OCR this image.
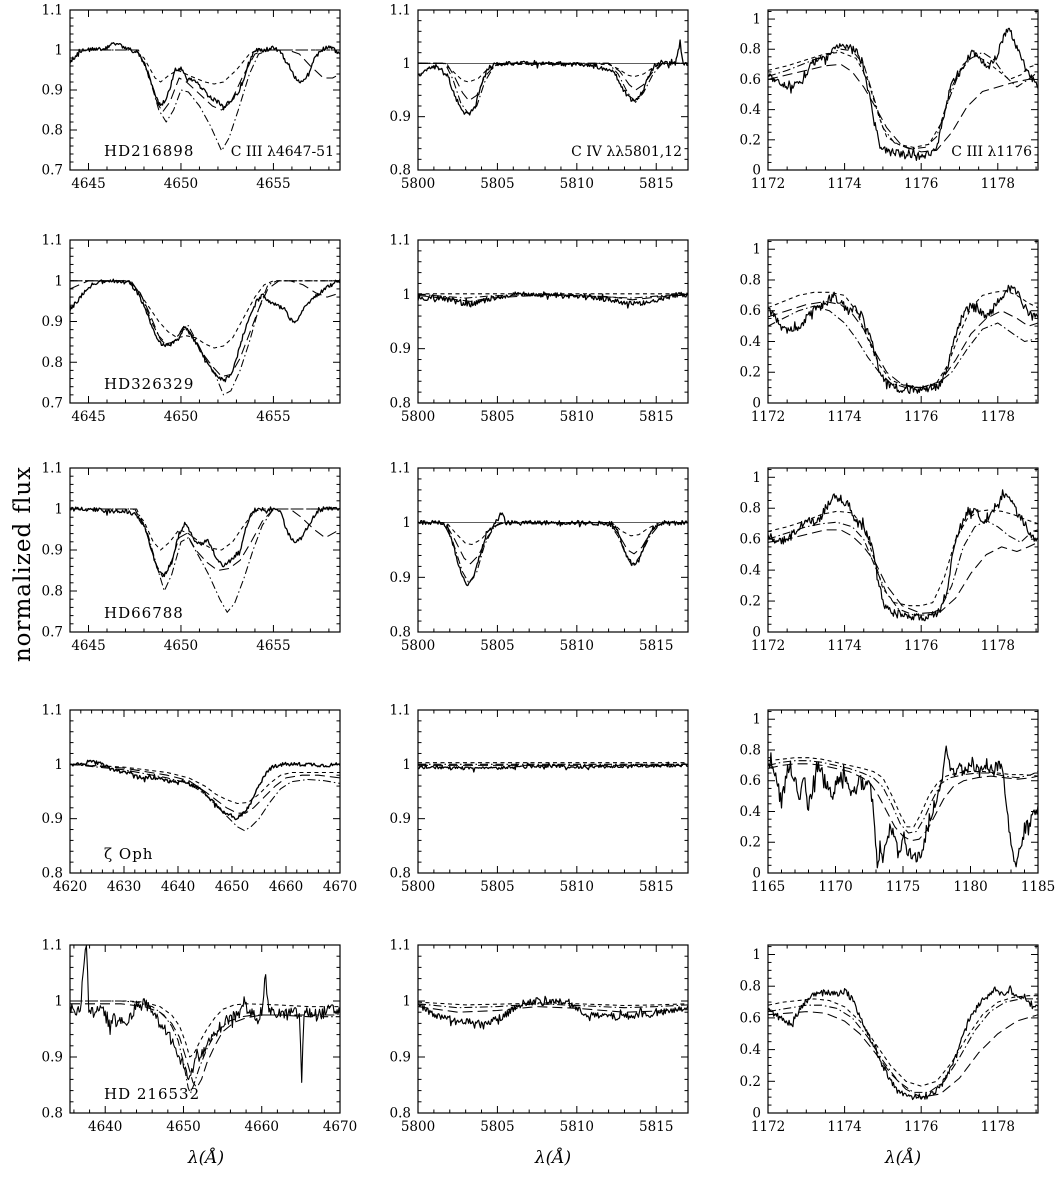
normalized flux
4645	4650	4655
0.7
0.8
0.9
1
1.1
HD216898	C III λ4647-51
5800	5805	5810	5815
0.8
0.9
1
1.1
C IV λλ5801,12
1172	1174	1176	1178
0
0.2
0.4
0.6
0.8
1
C III λ1176
4645	4650	4655
0.7
0.8
0.9
1
1.1
HD326329
5800	5805	5810	5815
0.8
0.9
1
1.1
1172	1174	1176	1178
0
0.2
0.4
0.6
0.8
1
4645	4650	4655
0.7
0.8
0.9
1
1.1
HD66788
5800	5805	5810	5815
0.8
0.9
1
1.1
1172	1174	1176	1178
0
0.2
0.4
0.6
0.8
1
4620 4630 4640 4650 4660 4670
0.8
0.9
1
1.1
ζ Oph
5800	5805	5810	5815
0.8
0.9
1
1.1
1165 1170 1175 1180 1185
0
0.2
0.4
0.6
0.8
1
4640	4650	4660	4670
0.8
0.9
1
1.1
HD 216532
5800	5805	5810	5815
0.8
0.9
1
1.1
1172	1174	1176	1178
0
0.2
0.4
0.6
0.8
1
λ(Å)	λ(Å)	λ(Å)
